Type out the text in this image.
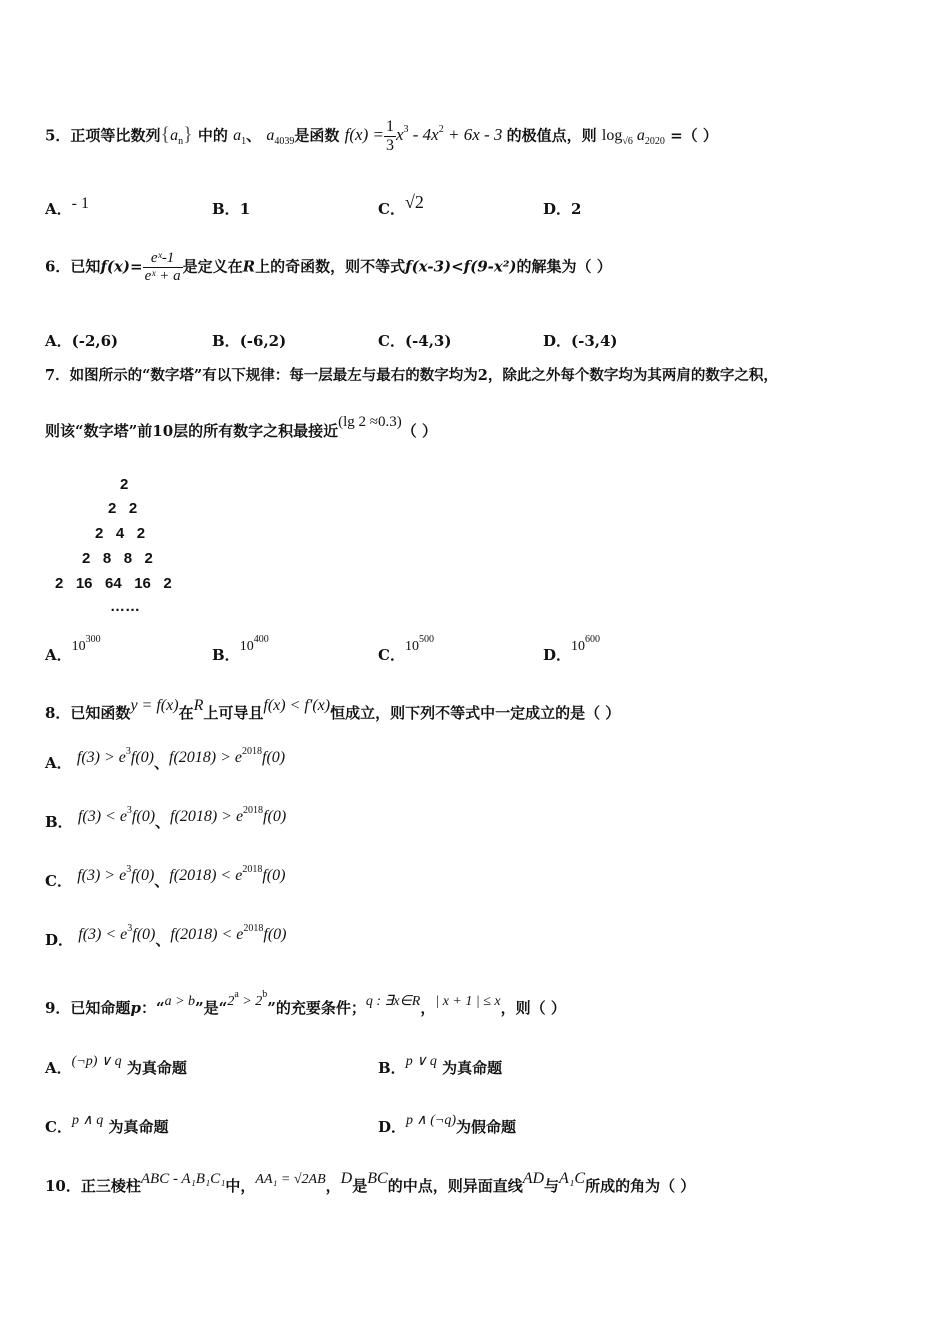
5．正项等比数列$\{a_n\}$ 中的 $a_1$、 $a_{4039}$是函数 $f(x) = \frac{1}{3} x^3 - 4x^2 + 6x - 3$ 的极值点，则 $\log_{√6} a_{2020}$ =（ ）
A．- 1	B．1	C．√2	D．2
6．已知$f(x)= \frac{\text{eˣ-1}}{\text{eˣ + a}}$ 是定义在R上的奇函数，则不等式f(x-3)<f(9-x²)的解集为（ ）
A．(-2,6)	B．(-6,2)	C．(-4,3)	D．(-3,4)
7．如图所示的“数字塔”有以下规律：每一层最左与最右的数字均为2，除此之外每个数字均为其两肩的数字之积，
则该“数字塔”前10层的所有数字之积最接近(lg 2 ≈0.3)（ ）
2
2   2
2   4   2
2   8   8   2
2   16   64   16   2
……
A．$10^{300}$
B．$10^{400}$
C．$10^{500}$
D．$10^{600}$
8．已知函数y = f(x)在R上可导且f(x) < f′(x)恒成立，则下列不等式中一定成立的是（ ）
A． $f(3) > e^3f(0)$、$f(2018) > e^{2018}f(0)$
B． $f(3) < e^3f(0)$、$f(2018) > e^{2018}f(0)$
C． $f(3) > e^3f(0)$、$f(2018) < e^{2018}f(0)$
D． $f(3) < e^3f(0)$、$f(2018) < e^{2018}f(0)$
9．已知命题p：“a > b”是“$2^a > 2^b$”的充要条件；q : ∃x∈R，| x + 1 | ≤ x，则（ ）
A．(¬p) ∨ q 为真命题	B．p ∨ q 为真命题
C．p ∧ q 为真命题	D．p ∧ (¬q)为假命题
10．正三棱柱ABC - A₁B₁C₁中，AA₁ = √2AB，D是BC的中点，则异面直线AD与A₁C所成的角为（ ）
